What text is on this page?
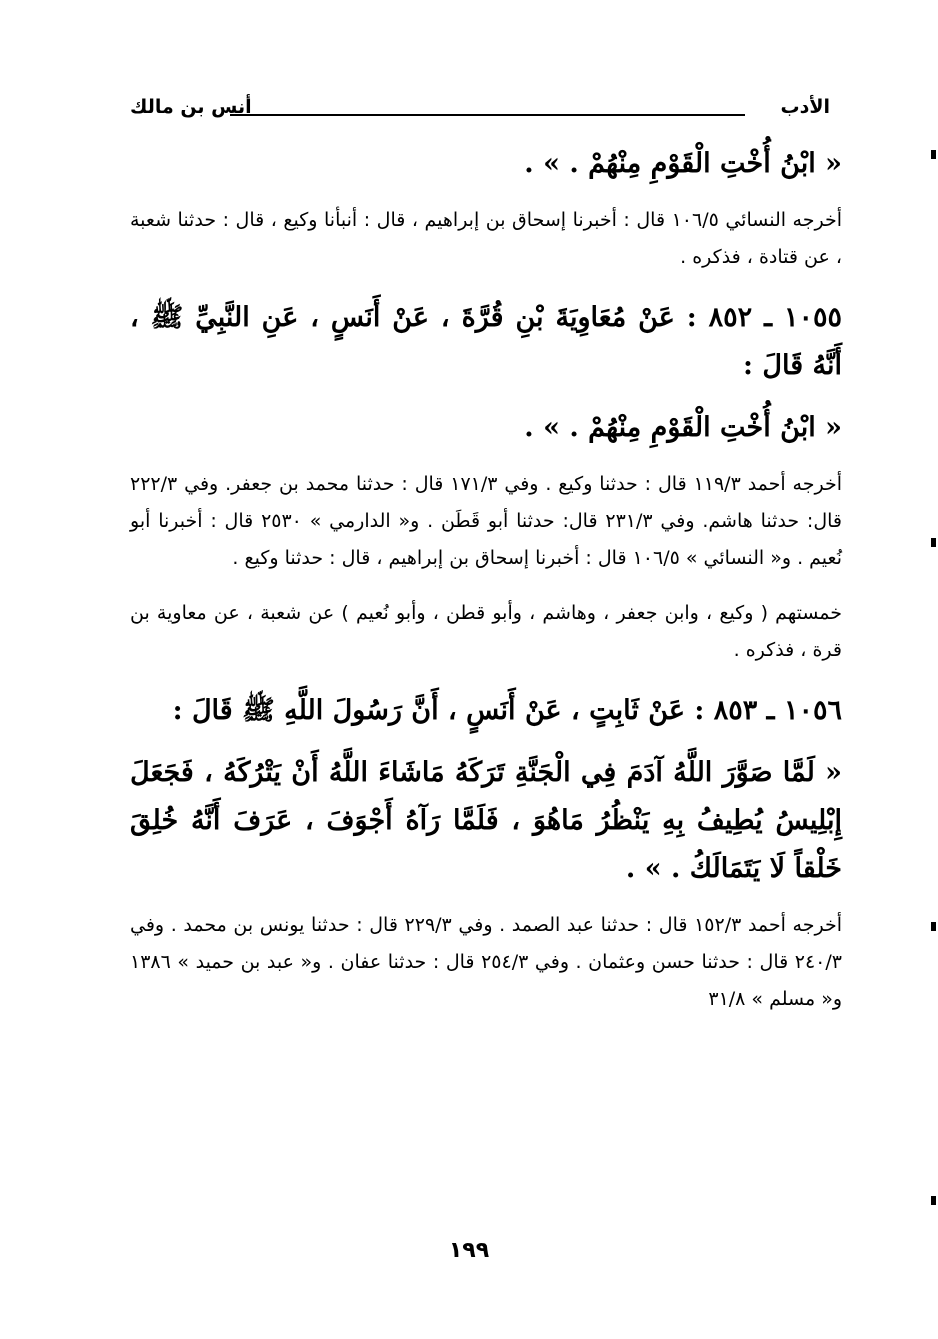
الأدب
أنس بن مالك

« ابْنُ أُخْتِ الْقَوْمِ مِنْهُمْ . » .

أخرجه النسائي ١٠٦/٥ قال : أخبرنا إسحاق بن إبراهيم ، قال : أنبأنا وكيع ، قال : حدثنا شعبة ، عن قتادة ، فذكره .

١٠٥٥ ـ ٨٥٢ : عَنْ مُعَاوِيَةَ بْنِ قُرَّةَ ، عَنْ أَنَسٍ ، عَنِ النَّبِيِّ ﷺ ، أَنَّهُ قَالَ :

« ابْنُ أُخْتِ الْقَوْمِ مِنْهُمْ . » .

أخرجه أحمد ١١٩/٣ قال : حدثنا وكيع . وفي ١٧١/٣ قال : حدثنا محمد بن جعفر. وفي ٢٢٢/٣ قال: حدثنا هاشم. وفي ٢٣١/٣ قال: حدثنا أبو قَطَن . و« الدارمي » ٢٥٣٠ قال : أخبرنا أبو نُعيم . و« النسائي » ١٠٦/٥ قال : أخبرنا إسحاق بن إبراهيم ، قال : حدثنا وكيع .

خمستهم ( وكيع ، وابن جعفر ، وهاشم ، وأبو قطن ، وأبو نُعيم ) عن شعبة ، عن معاوية بن قرة ، فذكره .

١٠٥٦ ـ ٨٥٣ : عَنْ ثَابِتٍ ، عَنْ أَنَسٍ ، أَنَّ رَسُولَ اللَّهِ ﷺ قَالَ :

« لَمَّا صَوَّرَ اللَّهُ آدَمَ فِي الْجَنَّةِ تَرَكَهُ مَاشَاءَ اللَّهُ أَنْ يَتْرُكَهُ ، فَجَعَلَ إِبْلِيسُ يُطِيفُ بِهِ يَنْظُرُ مَاهُوَ ، فَلَمَّا رَآهُ أَجْوَفَ ، عَرَفَ أَنَّهُ خُلِقَ خَلْقاً لَا يَتَمَالَكُ . » .

أخرجه أحمد ١٥٢/٣ قال : حدثنا عبد الصمد . وفي ٢٢٩/٣ قال : حدثنا يونس بن محمد . وفي ٢٤٠/٣ قال : حدثنا حسن وعثمان . وفي ٢٥٤/٣ قال : حدثنا عفان . و« عبد بن حميد » ١٣٨٦ و« مسلم » ٣١/٨

١٩٩
